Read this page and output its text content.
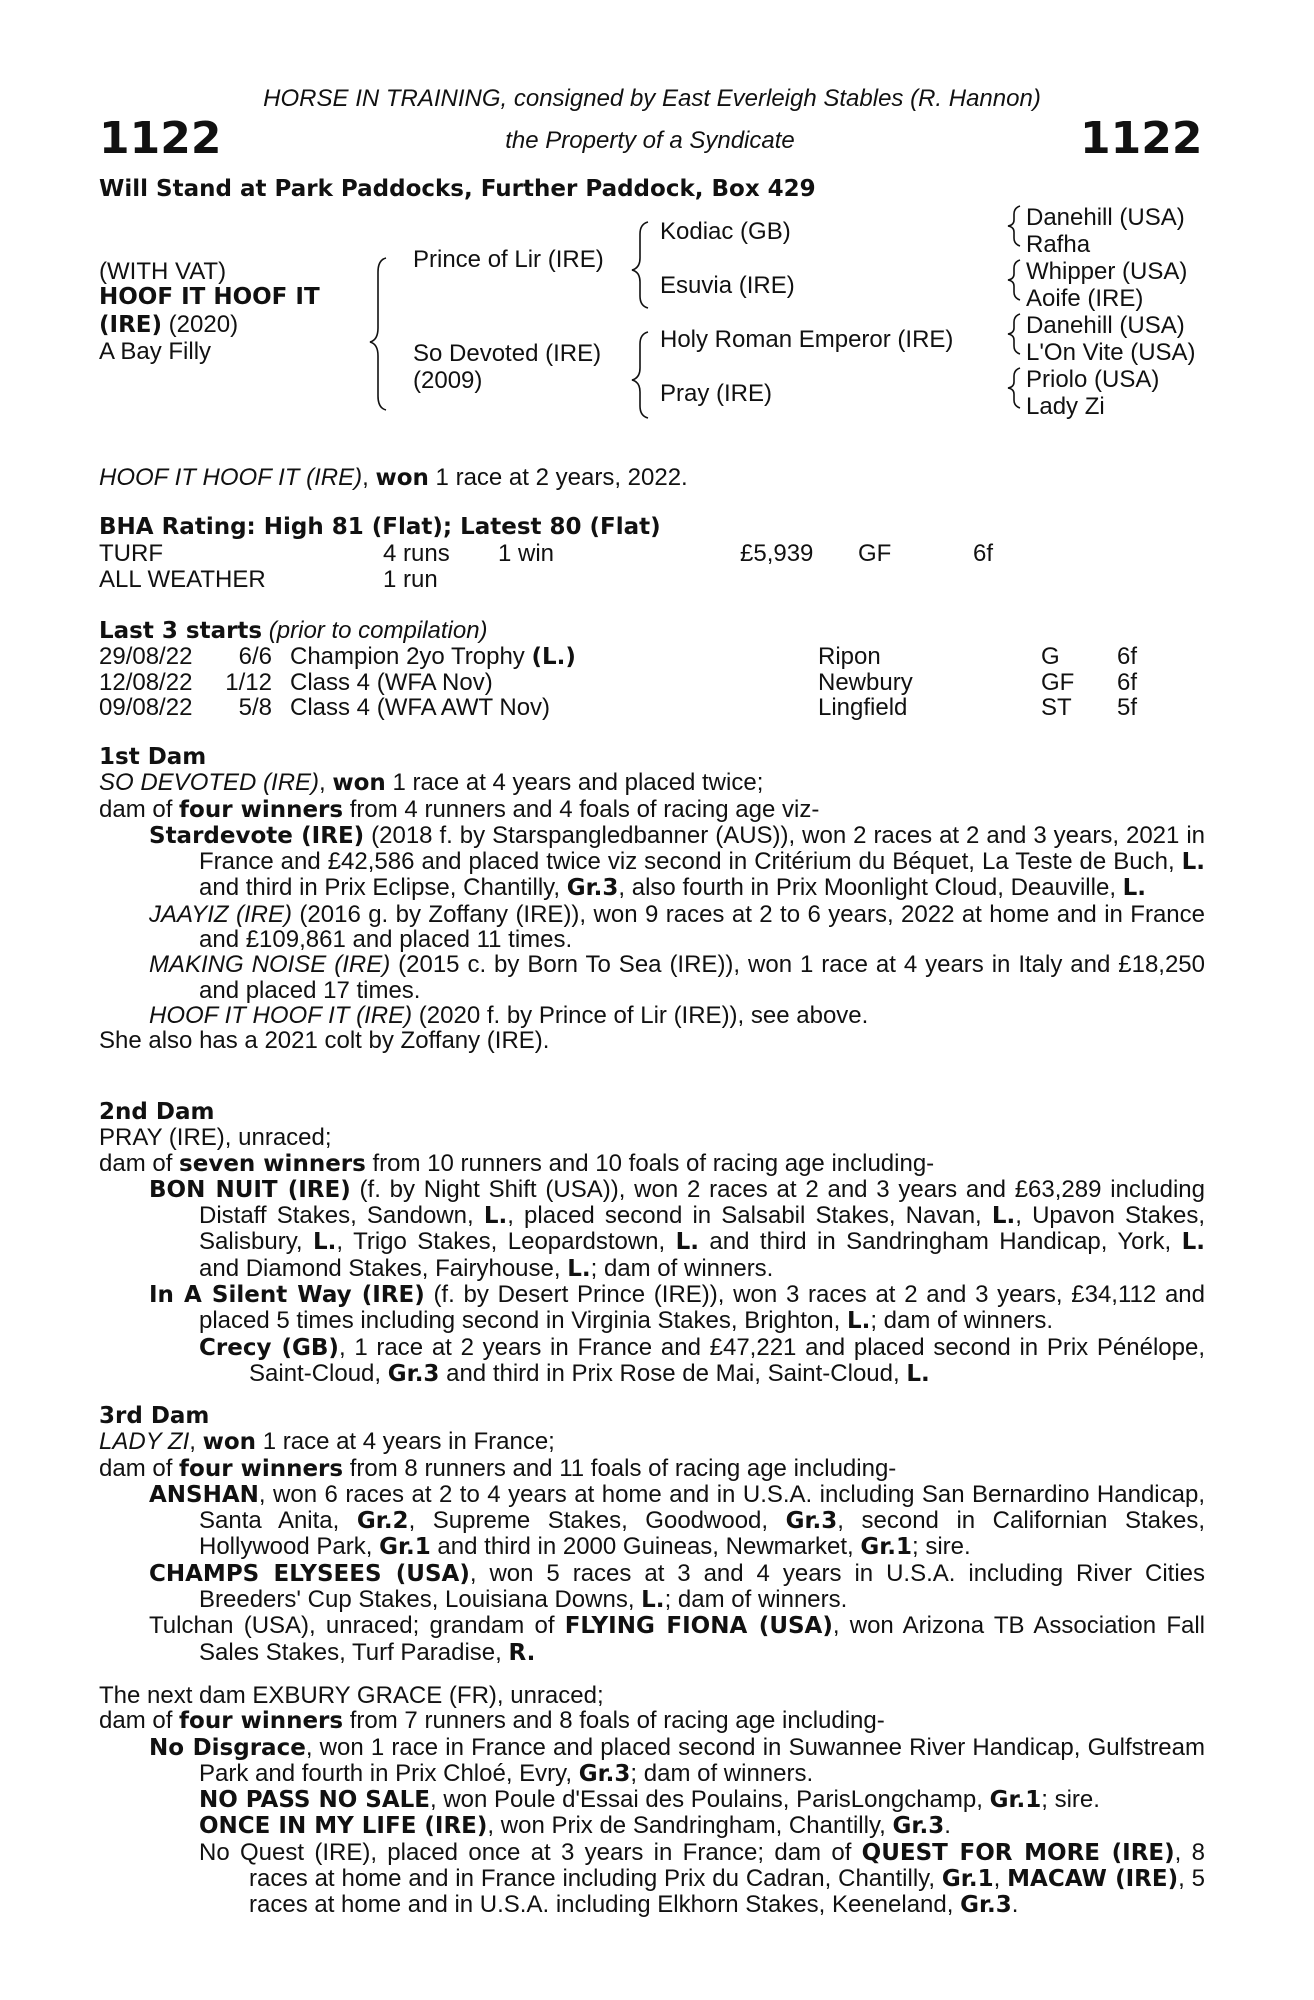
HORSE IN TRAINING, consigned by East Everleigh Stables (R. Hannon)
1122	the Property of a Syndicate	1122
Will Stand at Park Paddocks, Further Paddock, Box 429
(WITH VAT)
HOOF IT HOOF IT
(IRE) (2020)
A Bay Filly
Prince of Lir (IRE)
So Devoted (IRE)
(2009)
Kodiac (GB)
Esuvia (IRE)
Holy Roman Emperor (IRE)
Pray (IRE)
Danehill (USA)
Rafha
Whipper (USA)
Aoife (IRE)
Danehill (USA)
L'On Vite (USA)
Priolo (USA)
Lady Zi
HOOF IT HOOF IT (IRE), won 1 race at 2 years, 2022.
BHA Rating: High 81 (Flat); Latest 80 (Flat)
TURF	4 runs 1 win	£5,939 GF	6f
ALL WEATHER	1 run
Last 3 starts (prior to compilation)
29/08/22 6/6 Champion 2yo Trophy (L.)	Ripon	G 6f
12/08/22 1/12 Class 4 (WFA Nov)	Newbury	GF 6f
09/08/22 5/8 Class 4 (WFA AWT Nov)	Lingfield	ST 5f

1st Dam

SO DEVOTED (IRE), won 1 race at 4 years and placed twice;

dam of four winners from 4 runners and 4 foals of racing age viz-

Stardevote (IRE) (2018 f. by Starspangledbanner (AUS)), won 2 races at 2 and 3 years, 2021 in France and £42,586 and placed twice viz second in Critérium du Béquet, La Teste de Buch, L. and third in Prix Eclipse, Chantilly, Gr.3, also fourth in Prix Moonlight Cloud, Deauville, L.

JAAYIZ (IRE) (2016 g. by Zoffany (IRE)), won 9 races at 2 to 6 years, 2022 at home and in France and £109,861 and placed 11 times.

MAKING NOISE (IRE) (2015 c. by Born To Sea (IRE)), won 1 race at 4 years in Italy and £18,250 and placed 17 times.

HOOF IT HOOF IT (IRE) (2020 f. by Prince of Lir (IRE)), see above.

She also has a 2021 colt by Zoffany (IRE).

2nd Dam

PRAY (IRE), unraced;

dam of seven winners from 10 runners and 10 foals of racing age including-

BON NUIT (IRE) (f. by Night Shift (USA)), won 2 races at 2 and 3 years and £63,289 including Distaff Stakes, Sandown, L., placed second in Salsabil Stakes, Navan, L., Upavon Stakes, Salisbury, L., Trigo Stakes, Leopardstown, L. and third in Sandringham Handicap, York, L. and Diamond Stakes, Fairyhouse, L.; dam of winners.

In A Silent Way (IRE) (f. by Desert Prince (IRE)), won 3 races at 2 and 3 years, £34,112 and placed 5 times including second in Virginia Stakes, Brighton, L.; dam of winners.

Crecy (GB), 1 race at 2 years in France and £47,221 and placed second in Prix Pénélope, Saint-Cloud, Gr.3 and third in Prix Rose de Mai, Saint-Cloud, L.

3rd Dam

LADY ZI, won 1 race at 4 years in France;

dam of four winners from 8 runners and 11 foals of racing age including-

ANSHAN, won 6 races at 2 to 4 years at home and in U.S.A. including San Bernardino Handicap, Santa Anita, Gr.2, Supreme Stakes, Goodwood, Gr.3, second in Californian Stakes, Hollywood Park, Gr.1 and third in 2000 Guineas, Newmarket, Gr.1; sire.

CHAMPS ELYSEES (USA), won 5 races at 3 and 4 years in U.S.A. including River Cities Breeders' Cup Stakes, Louisiana Downs, L.; dam of winners.

Tulchan (USA), unraced; grandam of FLYING FIONA (USA), won Arizona TB Association Fall Sales Stakes, Turf Paradise, R.

The next dam EXBURY GRACE (FR), unraced;

dam of four winners from 7 runners and 8 foals of racing age including-

No Disgrace, won 1 race in France and placed second in Suwannee River Handicap, Gulfstream Park and fourth in Prix Chloé, Evry, Gr.3; dam of winners.

NO PASS NO SALE, won Poule d'Essai des Poulains, ParisLongchamp, Gr.1; sire.

ONCE IN MY LIFE (IRE), won Prix de Sandringham, Chantilly, Gr.3.

No Quest (IRE), placed once at 3 years in France; dam of QUEST FOR MORE (IRE), 8 races at home and in France including Prix du Cadran, Chantilly, Gr.1, MACAW (IRE), 5 races at home and in U.S.A. including Elkhorn Stakes, Keeneland, Gr.3.
